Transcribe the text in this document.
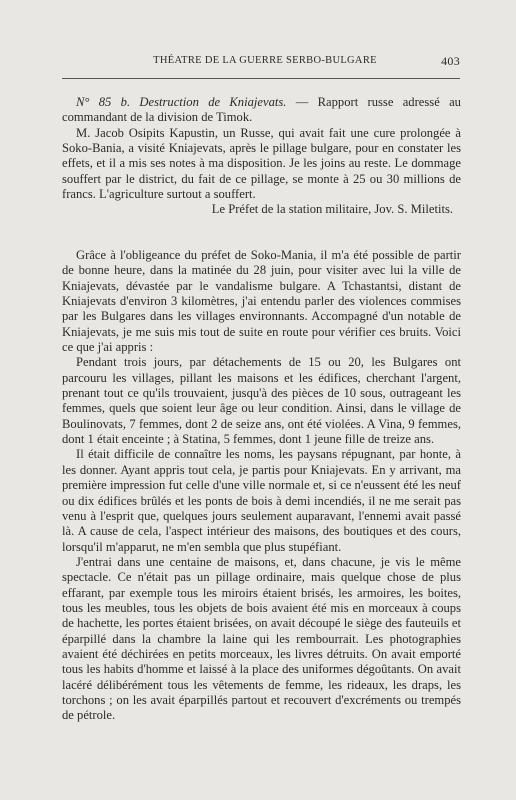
THÉATRE DE LA GUERRE SERBO-BULGARE	403

N° 85 b. Destruction de Kniajevats. — Rapport russe adressé au commandant de la division de Timok.

M. Jacob Osipits Kapustin, un Russe, qui avait fait une cure prolongée à Soko-Bania, a visité Kniajevats, après le pillage bulgare, pour en constater les effets, et il a mis ses notes à ma disposition. Je les joins au reste. Le dommage souffert par le district, du fait de ce pillage, se monte à 25 ou 30 millions de francs. L'agriculture surtout a souffert.

Le Préfet de la station militaire, Jov. S. Miletits.

Grâce à l'obligeance du préfet de Soko-Mania, il m'a été possible de partir de bonne heure, dans la matinée du 28 juin, pour visiter avec lui la ville de Kniajevats, dévastée par le vandalisme bulgare. A Tchastantsi, distant de Kniajevats d'environ 3 kilomètres, j'ai entendu parler des violences commises par les Bulgares dans les villages environnants. Accompagné d'un notable de Kniajevats, je me suis mis tout de suite en route pour vérifier ces bruits. Voici ce que j'ai appris :

Pendant trois jours, par détachements de 15 ou 20, les Bulgares ont parcouru les villages, pillant les maisons et les édifices, cherchant l'argent, prenant tout ce qu'ils trouvaient, jusqu'à des pièces de 10 sous, outrageant les femmes, quels que soient leur âge ou leur condition. Ainsi, dans le village de Boulinovats, 7 femmes, dont 2 de seize ans, ont été violées. A Vina, 9 femmes, dont 1 était enceinte ; à Statina, 5 femmes, dont 1 jeune fille de treize ans.

Il était difficile de connaître les noms, les paysans répugnant, par honte, à les donner. Ayant appris tout cela, je partis pour Kniajevats. En y arrivant, ma première impression fut celle d'une ville normale et, si ce n'eussent été les neuf ou dix édifices brûlés et les ponts de bois à demi incendiés, il ne me serait pas venu à l'esprit que, quelques jours seulement auparavant, l'ennemi avait passé là. A cause de cela, l'aspect intérieur des maisons, des boutiques et des cours, lorsqu'il m'apparut, ne m'en sembla que plus stupéfiant.

J'entrai dans une centaine de maisons, et, dans chacune, je vis le même spectacle. Ce n'était pas un pillage ordinaire, mais quelque chose de plus effarant, par exemple tous les miroirs étaient brisés, les armoires, les boites, tous les meubles, tous les objets de bois avaient été mis en morceaux à coups de hachette, les portes étaient brisées, on avait découpé le siège des fauteuils et éparpillé dans la chambre la laine qui les rembourrait. Les photographies avaient été déchirées en petits morceaux, les livres détruits. On avait emporté tous les habits d'homme et laissé à la place des uniformes dégoûtants. On avait lacéré délibérément tous les vêtements de femme, les rideaux, les draps, les torchons ; on les avait éparpillés partout et recouvert d'excréments ou trempés de pétrole.
